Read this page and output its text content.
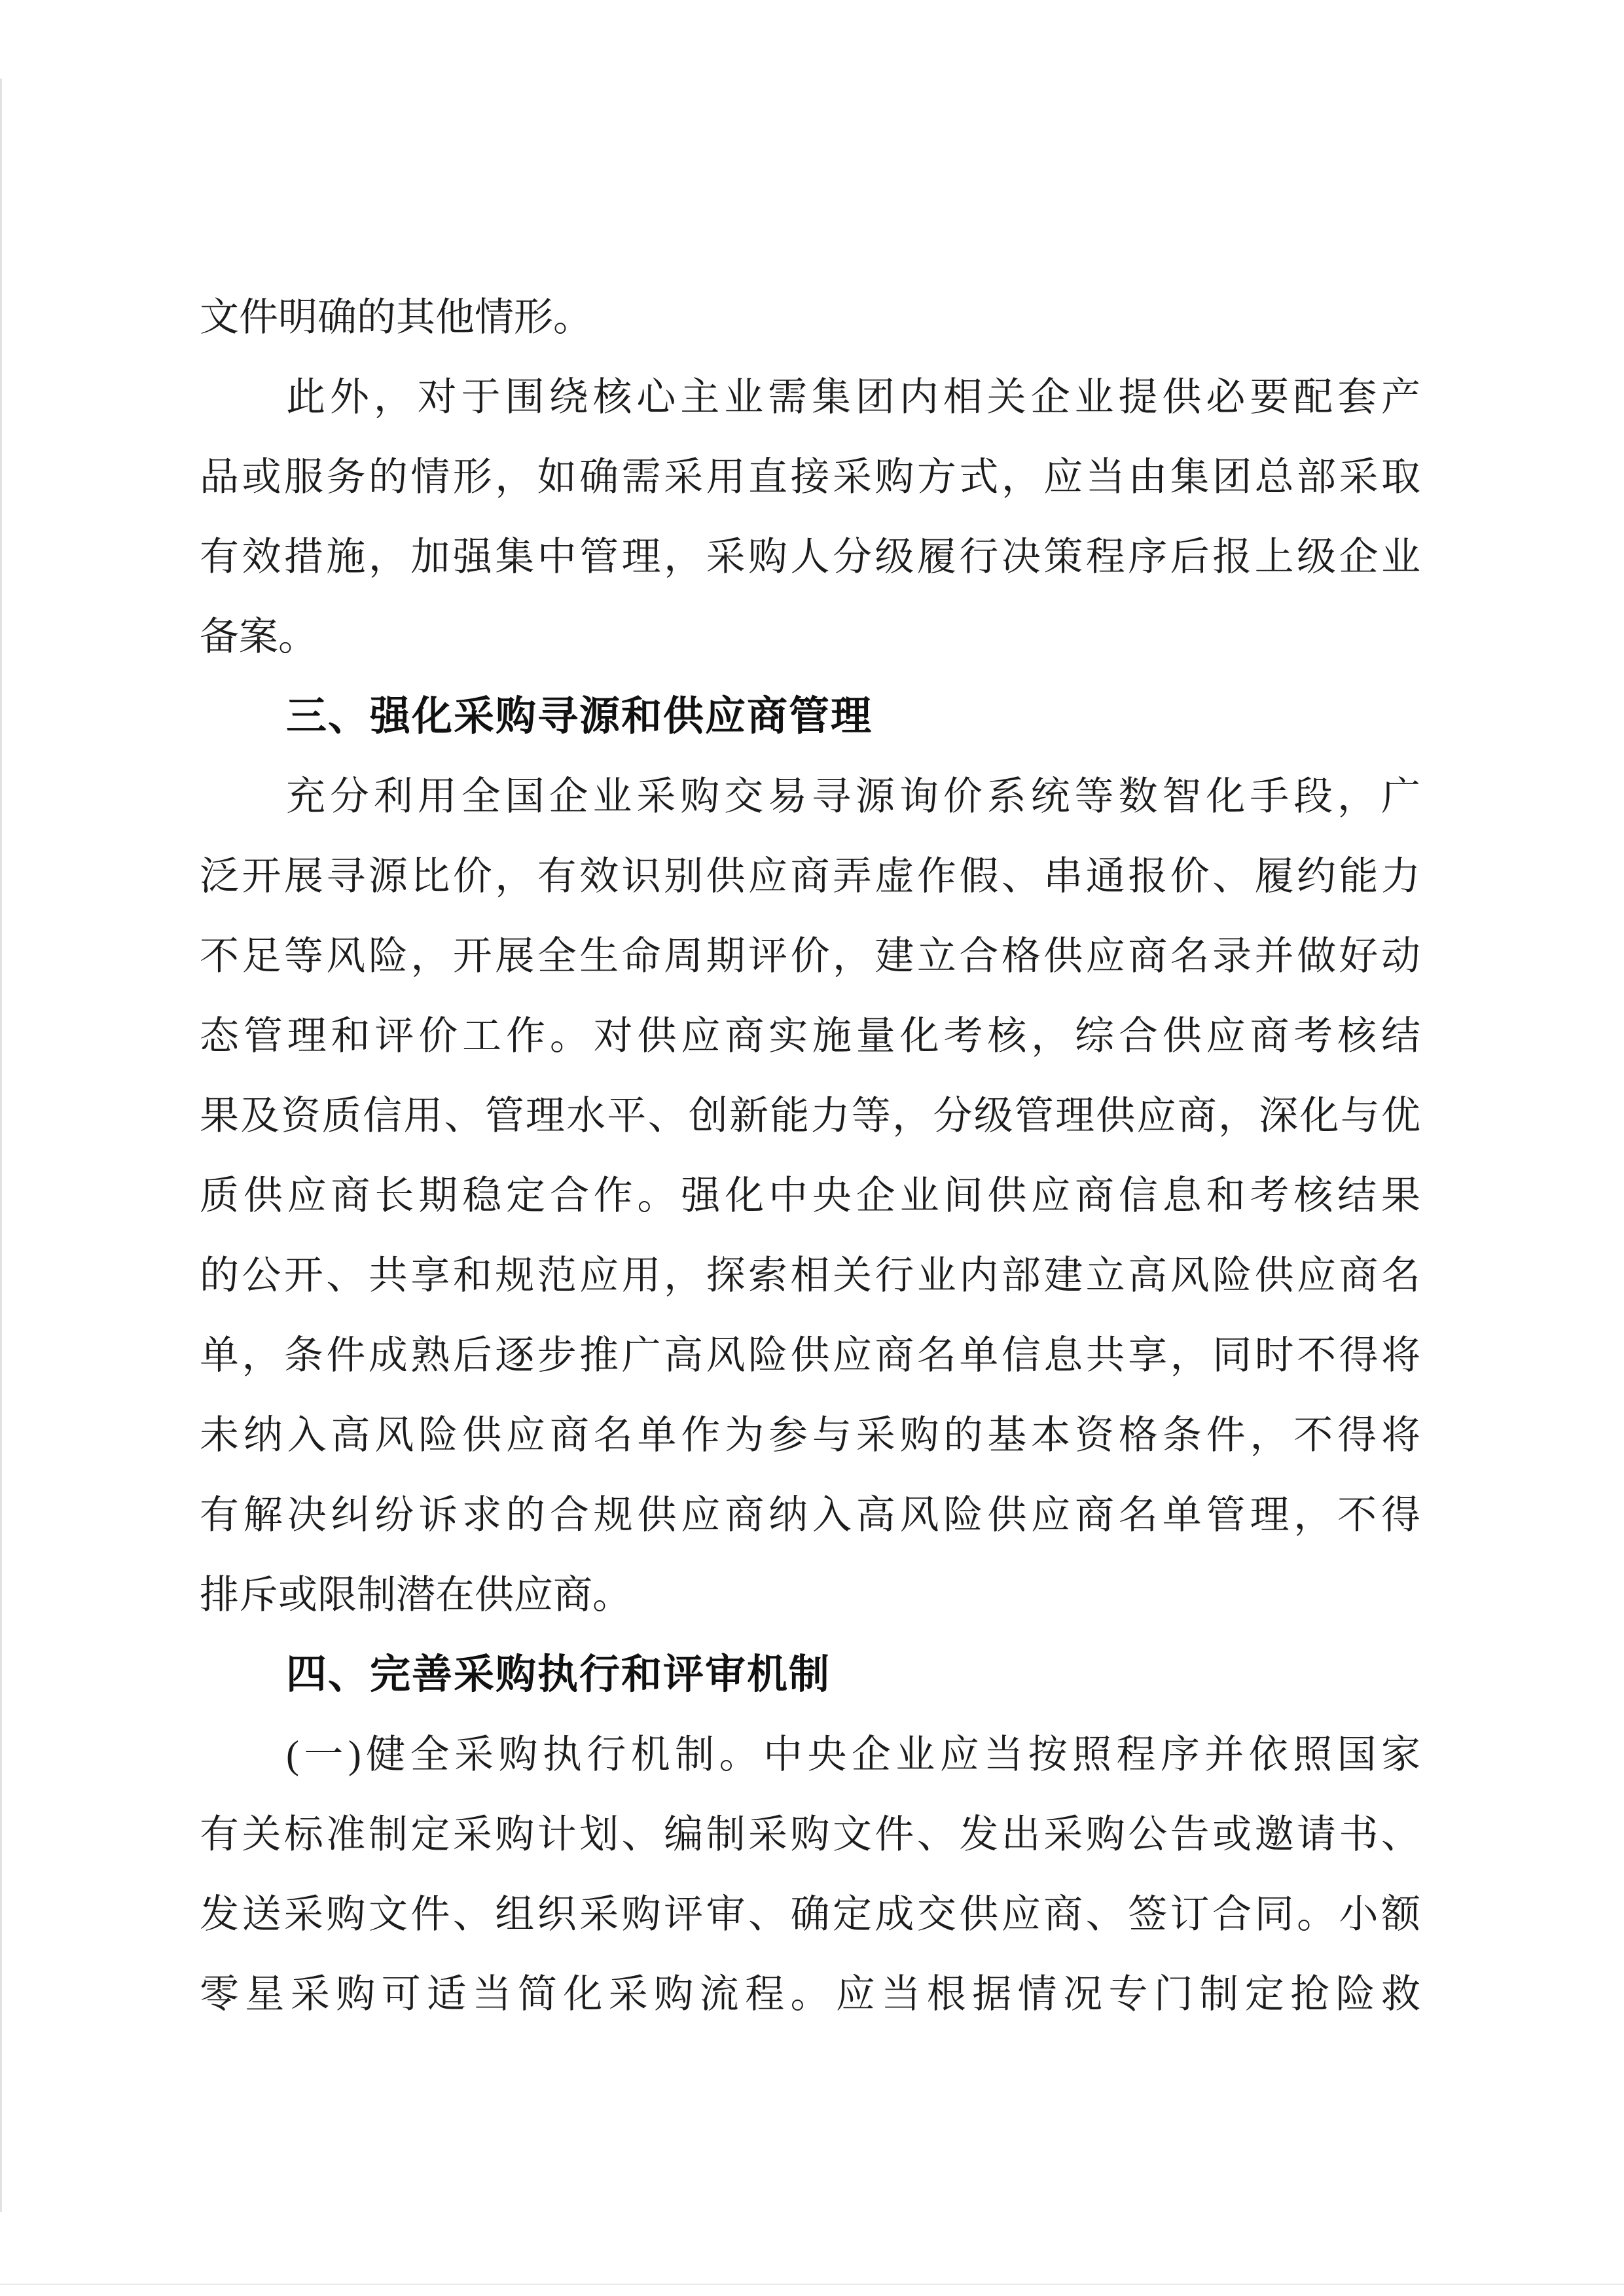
文件明确的其他情形。
此外，对于围绕核心主业需集团内相关企业提供必要配套产
品或服务的情形，如确需采用直接采购方式，应当由集团总部采取
有效措施，加强集中管理，采购人分级履行决策程序后报上级企业
备案。
三、强化采购寻源和供应商管理
充分利用全国企业采购交易寻源询价系统等数智化手段，广
泛开展寻源比价，有效识别供应商弄虚作假、串通报价、履约能力
不足等风险，开展全生命周期评价，建立合格供应商名录并做好动
态管理和评价工作。对供应商实施量化考核，综合供应商考核结
果及资质信用、管理水平、创新能力等，分级管理供应商，深化与优
质供应商长期稳定合作。强化中央企业间供应商信息和考核结果
的公开、共享和规范应用，探索相关行业内部建立高风险供应商名
单，条件成熟后逐步推广高风险供应商名单信息共享，同时不得将
未纳入高风险供应商名单作为参与采购的基本资格条件，不得将
有解决纠纷诉求的合规供应商纳入高风险供应商名单管理，不得
排斥或限制潜在供应商。
四、完善采购执行和评审机制
(一)健全采购执行机制。中央企业应当按照程序并依照国家
有关标准制定采购计划、编制采购文件、发出采购公告或邀请书、
发送采购文件、组织采购评审、确定成交供应商、签订合同。小额
零星采购可适当简化采购流程。应当根据情况专门制定抢险救
